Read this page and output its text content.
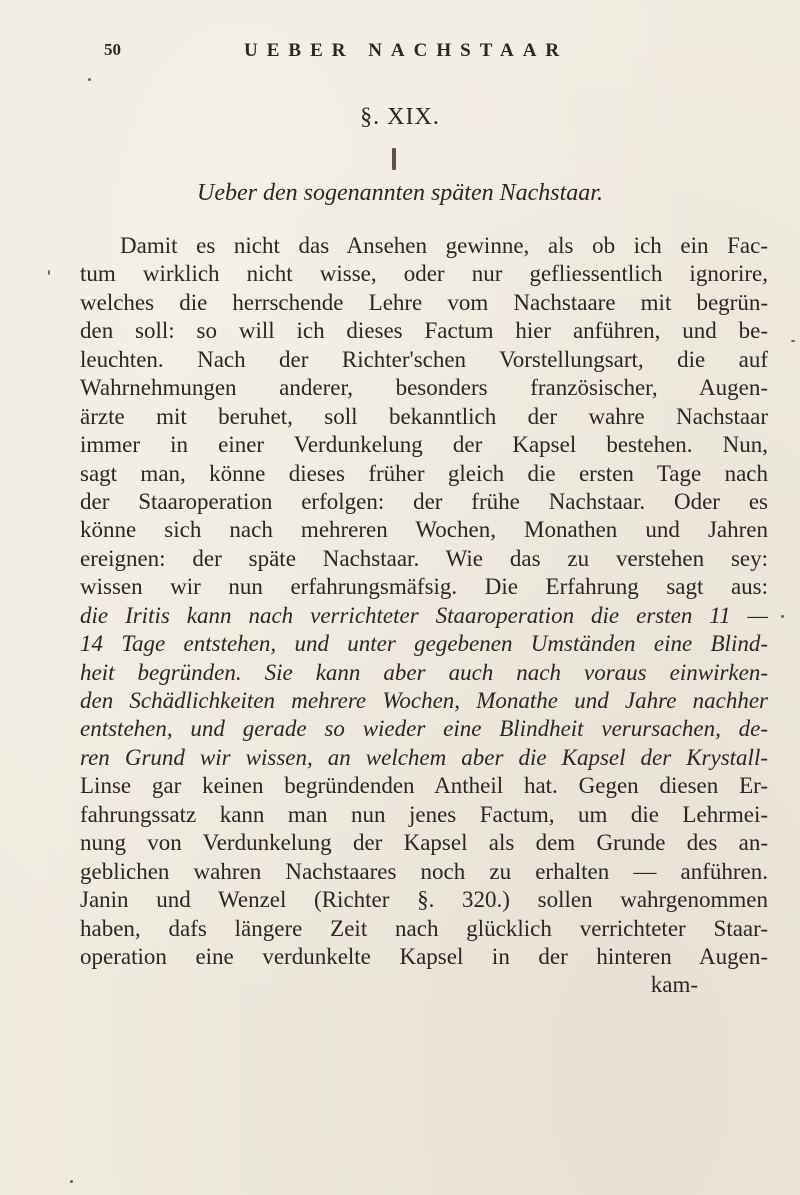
50	UEBER NACHSTAAR
§. XIX.
Ueber den sogenannten späten Nachstaar.
Damit es nicht das Ansehen gewinne, als ob ich ein Fac-
tum wirklich nicht wisse, oder nur gefliessentlich ignorire,
welches die herrschende Lehre vom Nachstaare mit begrün-
den soll: so will ich dieses Factum hier anführen, und be-
leuchten. Nach der Richter'schen Vorstellungsart, die auf
Wahrnehmungen anderer, besonders französischer, Augen-
ärzte mit beruhet, soll bekanntlich der wahre Nachstaar
immer in einer Verdunkelung der Kapsel bestehen. Nun,
sagt man, könne dieses früher gleich die ersten Tage nach
der Staaroperation erfolgen: der frühe Nachstaar. Oder es
könne sich nach mehreren Wochen, Monathen und Jahren
ereignen: der späte Nachstaar. Wie das zu verstehen sey:
wissen wir nun erfahrungsmäfsig. Die Erfahrung sagt aus:
die Iritis kann nach verrichteter Staaroperation die ersten 11 —
14 Tage entstehen, und unter gegebenen Umständen eine Blind-
heit begründen. Sie kann aber auch nach voraus einwirken-
den Schädlichkeiten mehrere Wochen, Monathe und Jahre nachher
entstehen, und gerade so wieder eine Blindheit verursachen, de-
ren Grund wir wissen, an welchem aber die Kapsel der Krystall-
Linse gar keinen begründenden Antheil hat. Gegen diesen Er-
fahrungssatz kann man nun jenes Factum, um die Lehrmei-
nung von Verdunkelung der Kapsel als dem Grunde des an-
geblichen wahren Nachstaares noch zu erhalten — anführen.
Janin und Wenzel (Richter §. 320.) sollen wahrgenommen
haben, dafs längere Zeit nach glücklich verrichteter Staar-
operation eine verdunkelte Kapsel in der hinteren Augen-
kam-
